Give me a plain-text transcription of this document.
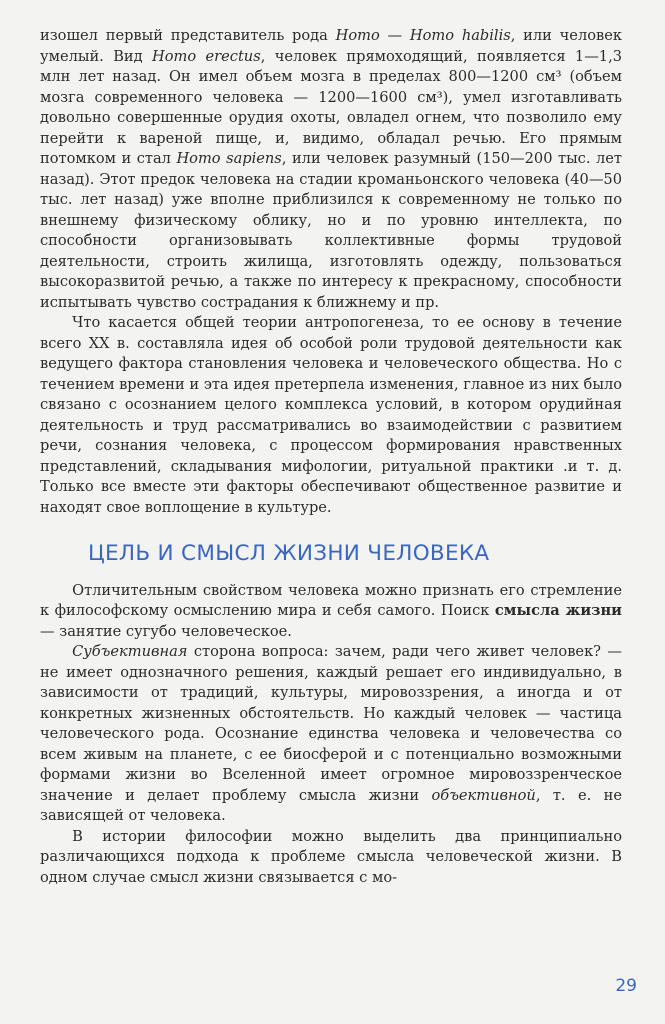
изошел первый представитель рода Homo — Homo habilis, или человек умелый. Вид Homo erectus, человек прямоходящий, появляется 1—1,3 млн лет назад. Он имел объем мозга в пределах 800—1200 см³ (объем мозга современного человека — 1200—1600 см³), умел изготавливать довольно совершенные орудия охоты, овладел огнем, что позволило ему перейти к вареной пище, и, видимо, обладал речью. Его прямым потомком и стал Homo sapiens, или человек разумный (150—200 тыс. лет назад). Этот предок человека на стадии кроманьонского человека (40—50 тыс. лет назад) уже вполне приблизился к современному не только по внешнему физическому облику, но и по уровню интеллекта, по способности организовывать коллективные формы трудовой деятельности, строить жилища, изготовлять одежду, пользоваться высокоразвитой речью, а также по интересу к прекрасному, способности испытывать чувство сострадания к ближнему и пр.

Что касается общей теории антропогенеза, то ее основу в течение всего XX в. составляла идея об особой роли трудовой деятельности как ведущего фактора становления человека и человеческого общества. Но с течением времени и эта идея претерпела изменения, главное из них было связано с осознанием целого комплекса условий, в котором орудийная деятельность и труд рассматривались во взаимодействии с развитием речи, сознания человека, с процессом формирования нравственных представлений, складывания мифологии, ритуальной практики .и т. д. Только все вместе эти факторы обеспечивают общественное развитие и находят свое воплощение в культуре.

ЦЕЛЬ И СМЫСЛ ЖИЗНИ ЧЕЛОВЕКА

Отличительным свойством человека можно признать его стремление к философскому осмыслению мира и себя самого. Поиск смысла жизни — занятие сугубо человеческое.

Субъективная сторона вопроса: зачем, ради чего живет человек? — не имеет однозначного решения, каждый решает его индивидуально, в зависимости от традиций, культуры, мировоззрения, а иногда и от конкретных жизненных обстоятельств. Но каждый человек — частица человеческого рода. Осознание единства человека и человечества со всем живым на планете, с ее биосферой и с потенциально возможными формами жизни во Вселенной имеет огромное мировоззренческое значение и делает проблему смысла жизни объективной, т. е. не зависящей от человека.

В истории философии можно выделить два принципиально различающихся подхода к проблеме смысла человеческой жизни. В одном случае смысл жизни связывается с мо-

29
